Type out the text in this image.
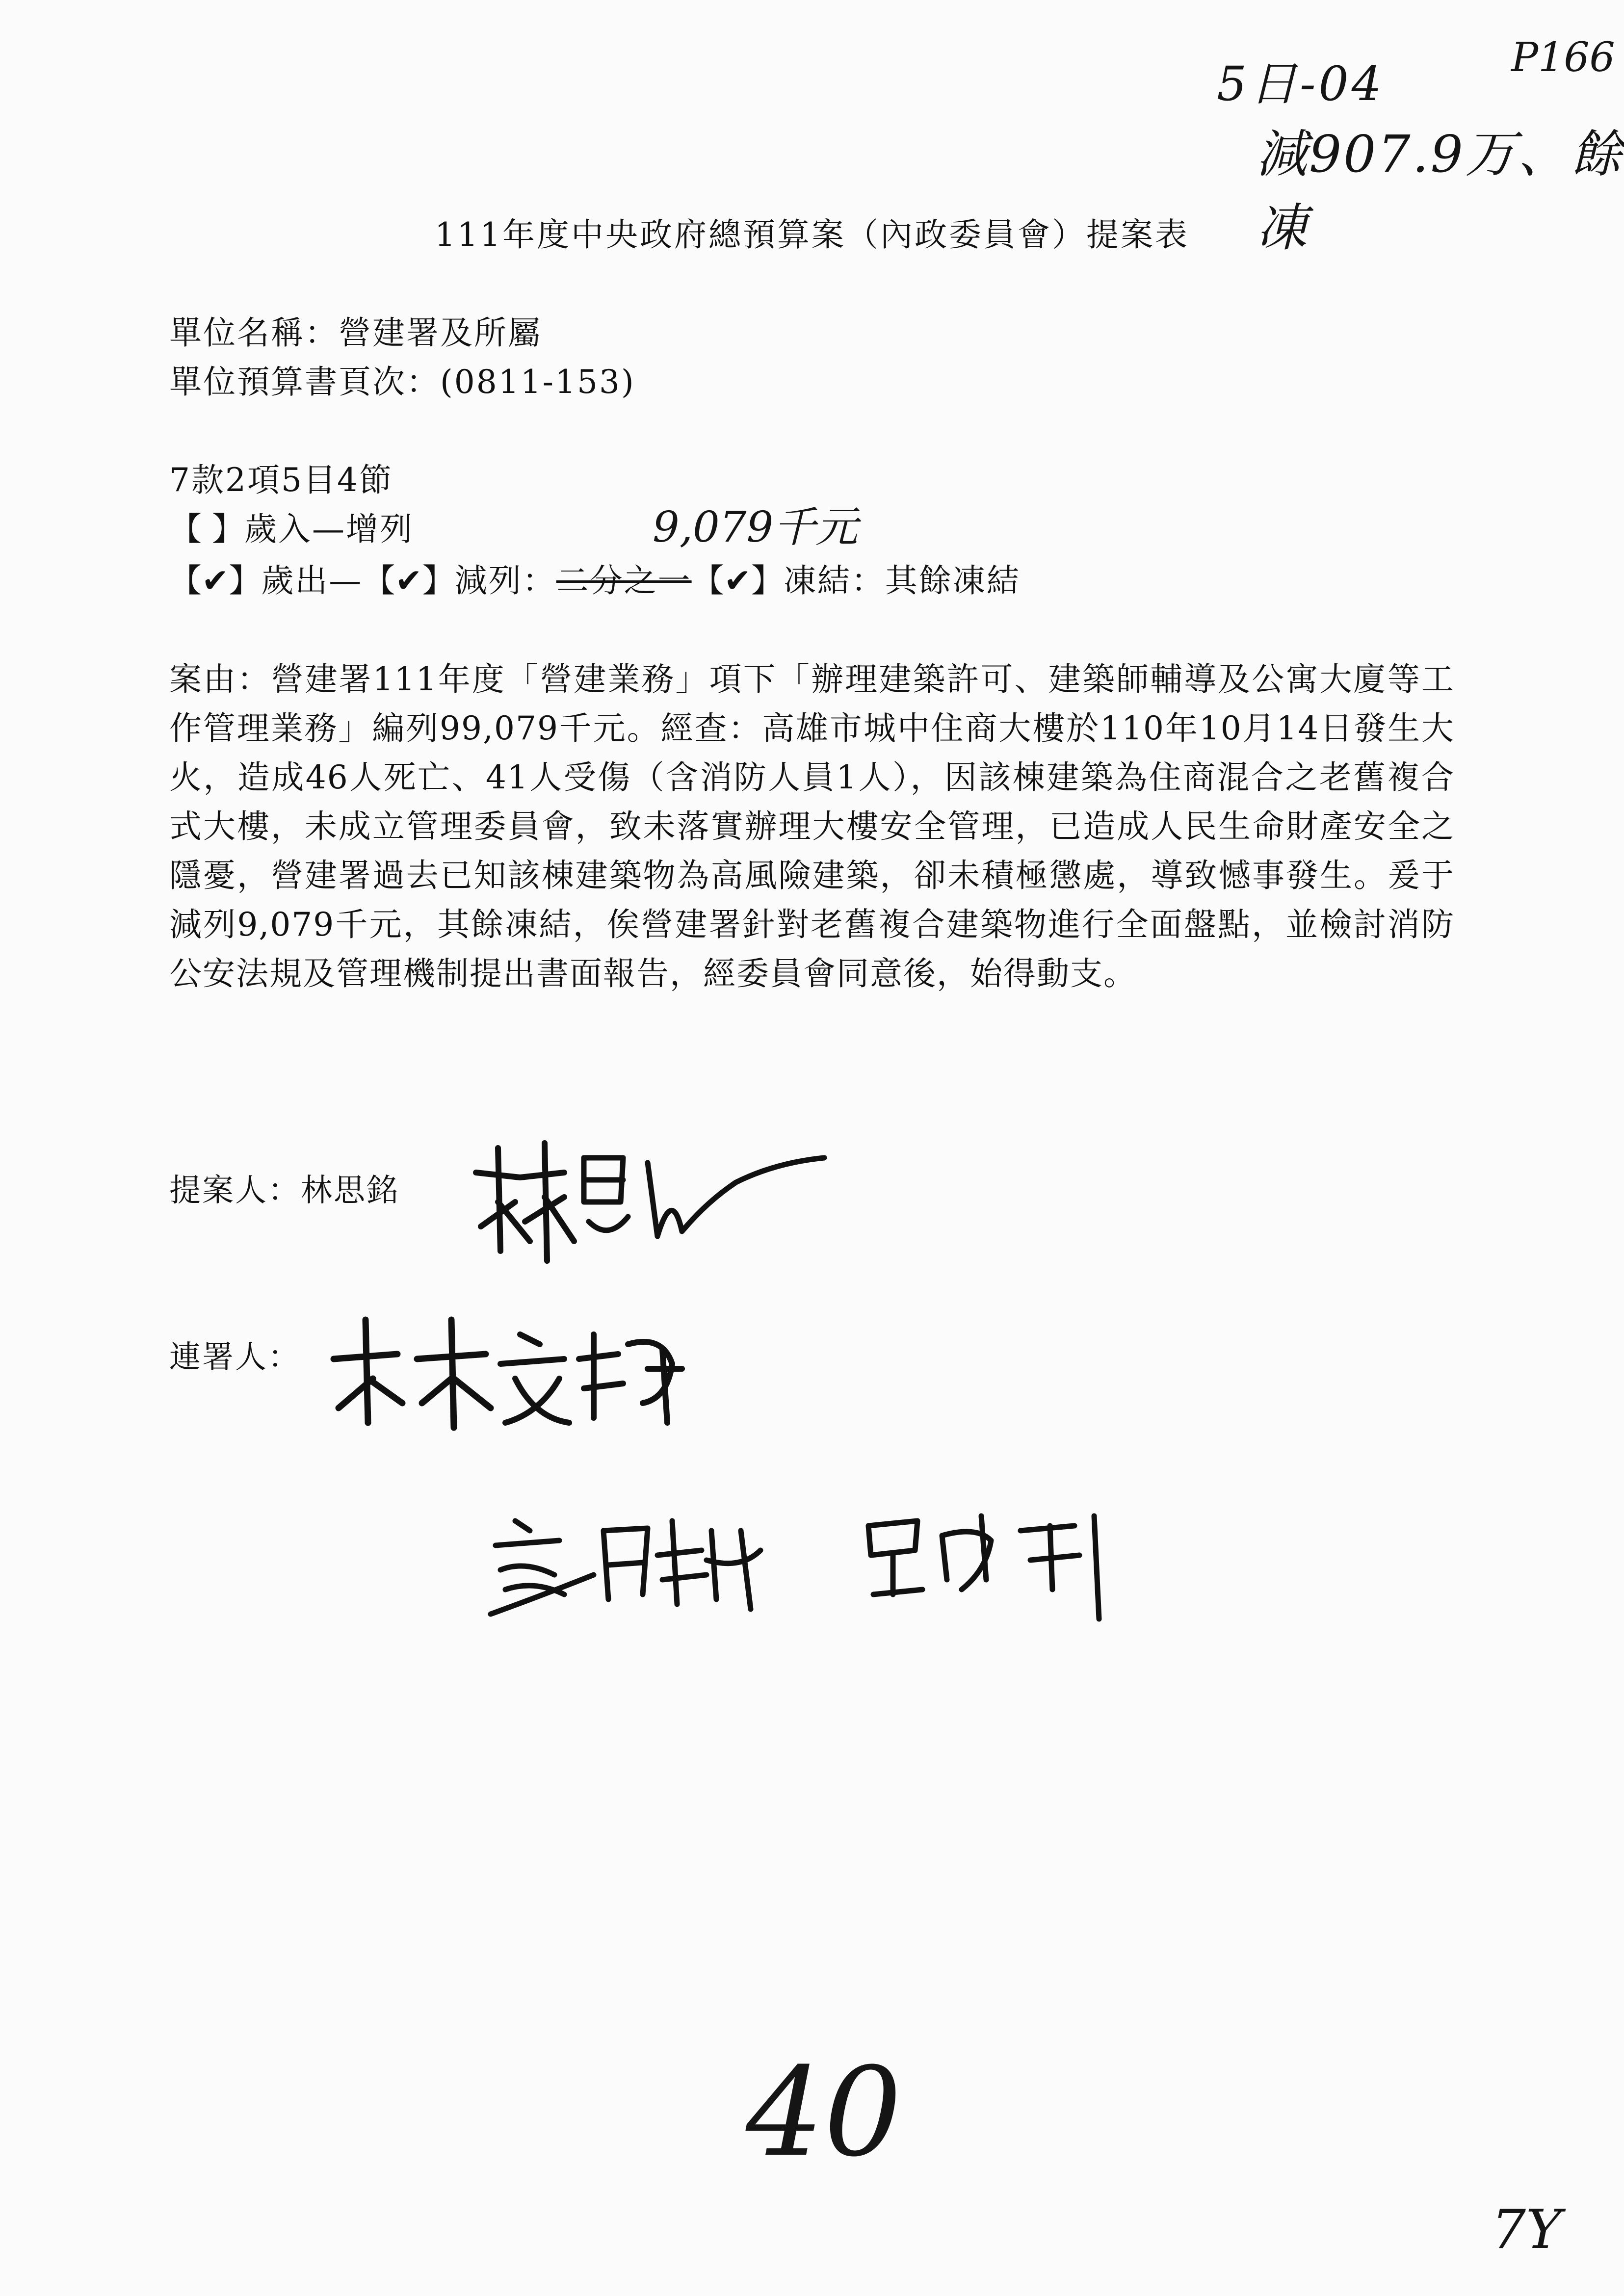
5日-04	P166
減907.9万、餘凍
111年度中央政府總預算案（內政委員會）提案表
單位名稱：營建署及所屬
單位預算書頁次：(0811-153)
7款2項5目4節
【 】歲入—增列	9,079千元
【✔】歲出—【✔】減列：二分之一【✔】凍結：其餘凍結
案由：營建署111年度「營建業務」項下「辦理建築許可、建築師輔導及公寓大廈等工作管理業務」編列99,079千元。經查：高雄市城中住商大樓於110年10月14日發生大火，造成46人死亡、41人受傷（含消防人員1人），因該棟建築為住商混合之老舊複合式大樓，未成立管理委員會，致未落實辦理大樓安全管理，已造成人民生命財產安全之隱憂，營建署過去已知該棟建築物為高風險建築，卻未積極懲處，導致憾事發生。爰于減列9,079千元，其餘凍結，俟營建署針對老舊複合建築物進行全面盤點，並檢討消防公安法規及管理機制提出書面報告，經委員會同意後，始得動支。
提案人：林思銘
連署人：
40
7Y
